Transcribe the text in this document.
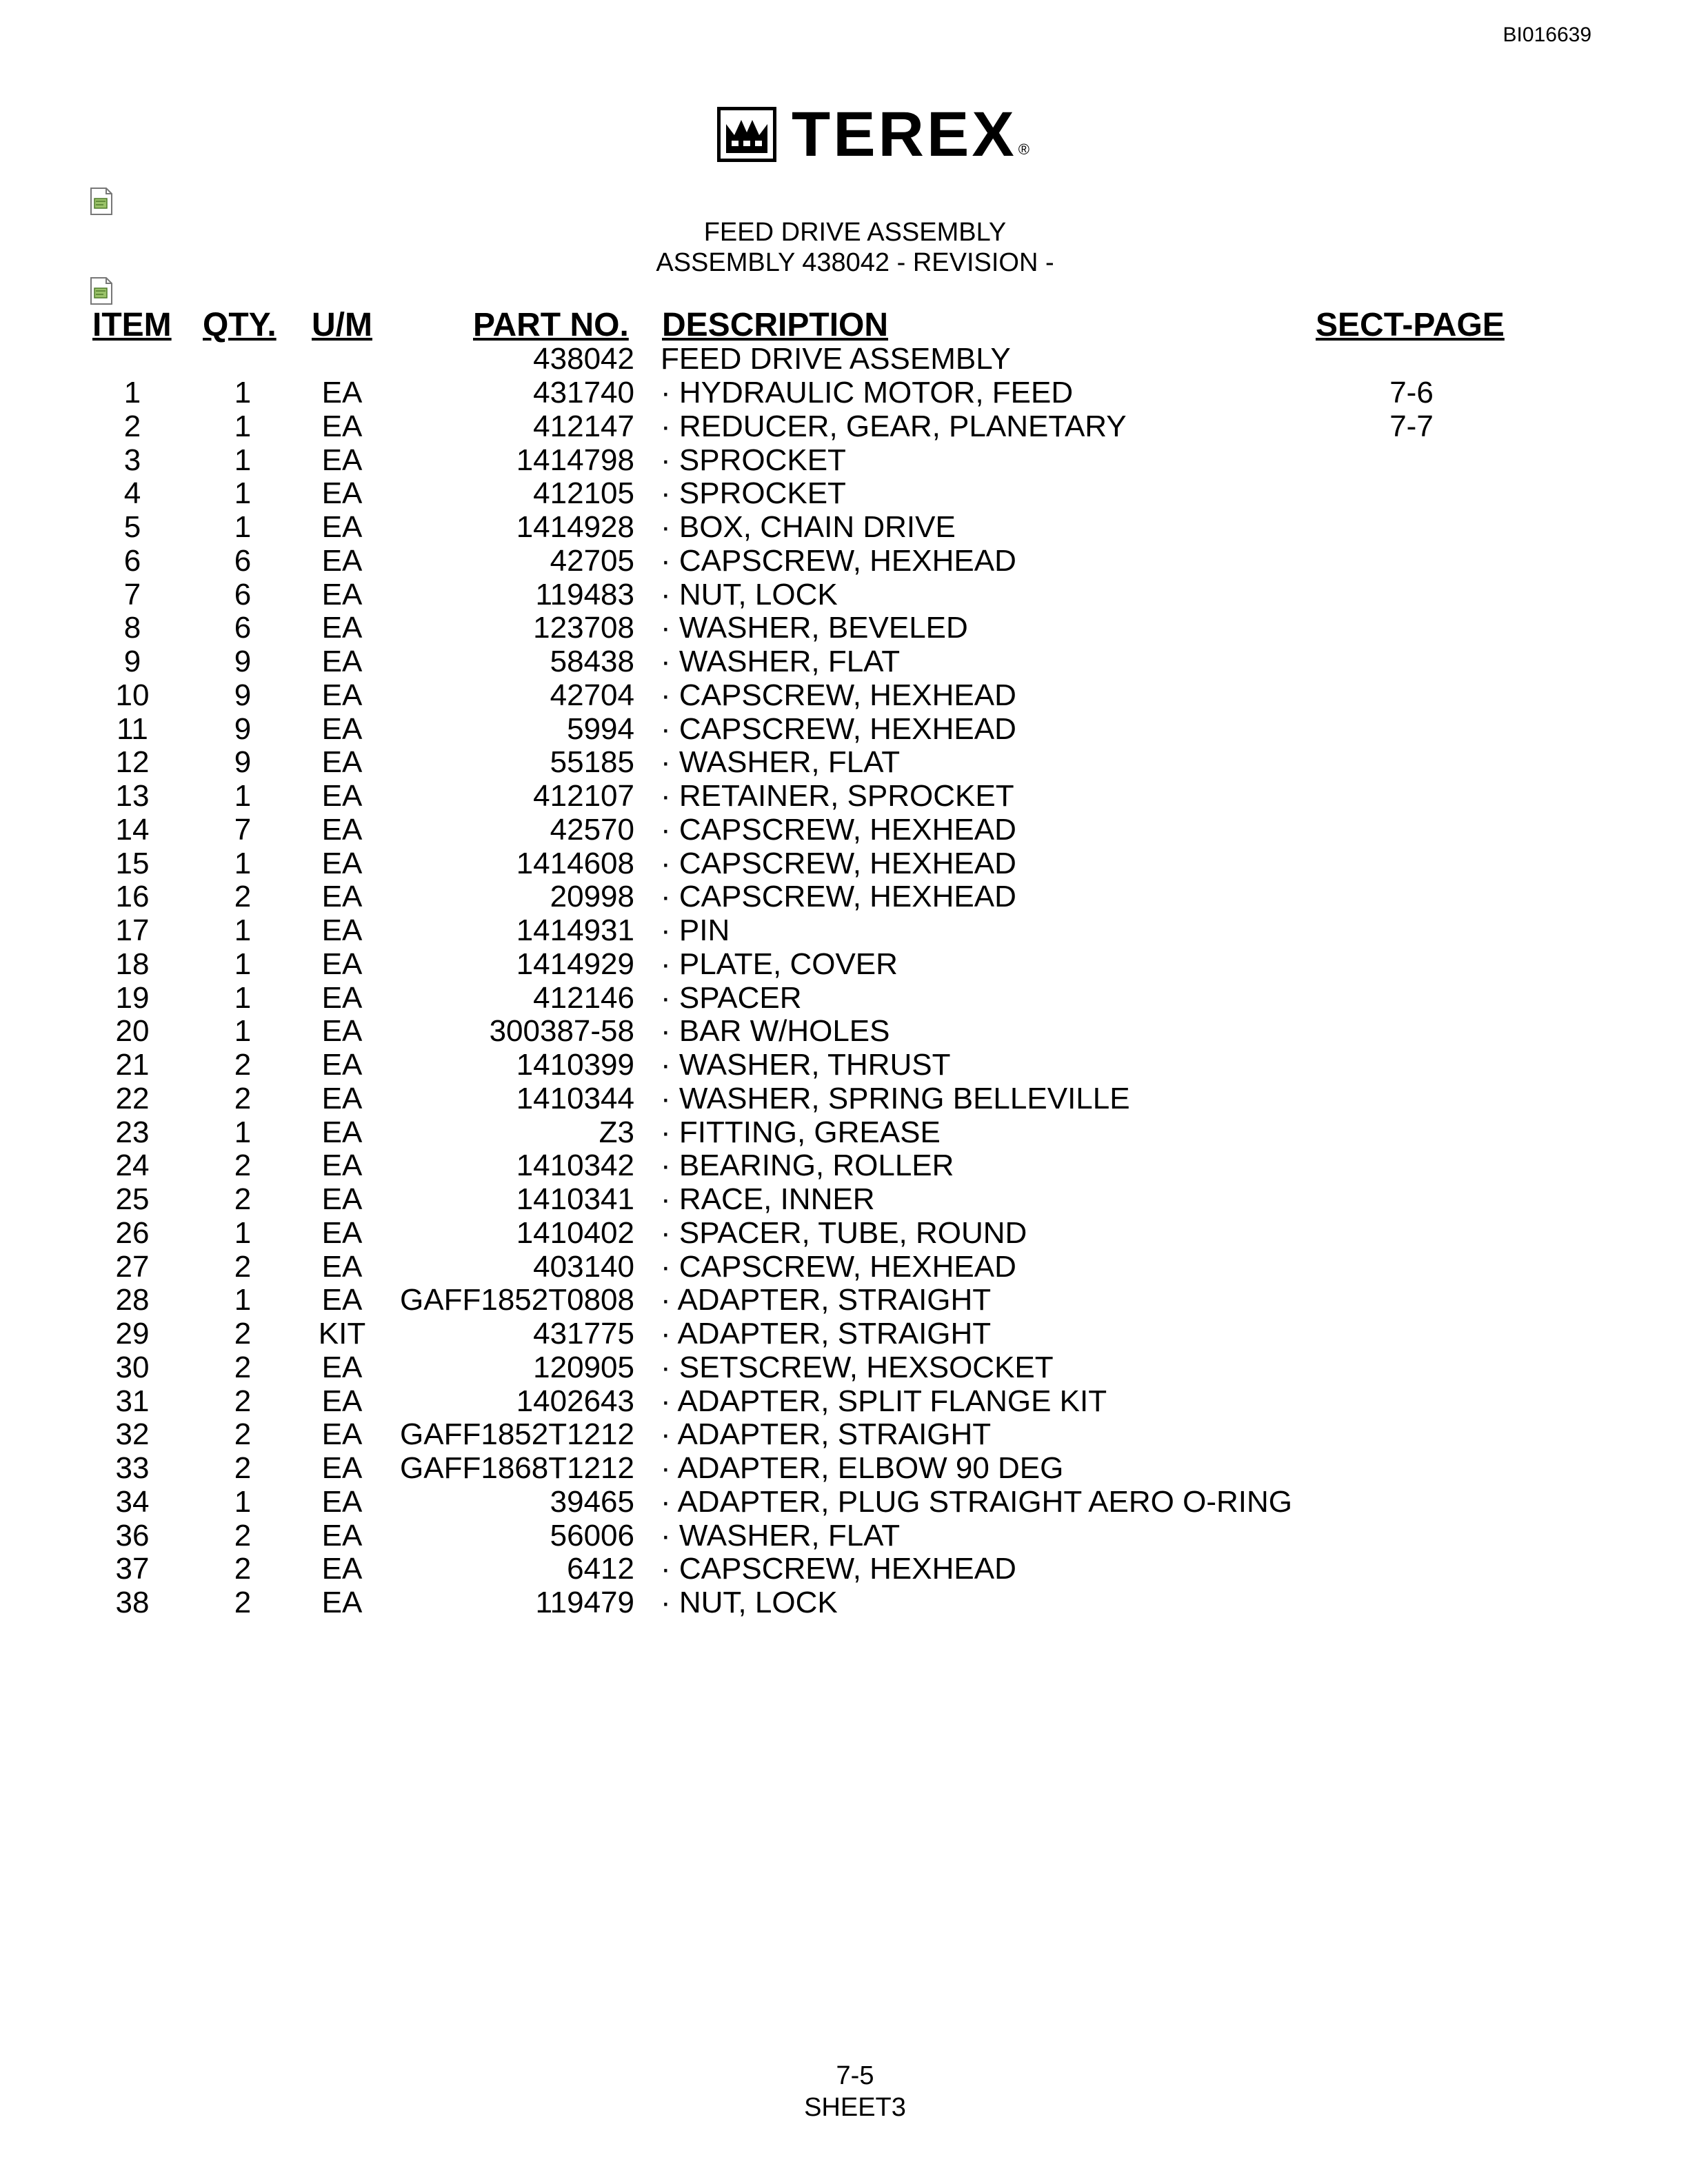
BI016639
TEREX ®
FEED DRIVE ASSEMBLY
ASSEMBLY 438042 - REVISION -
ITEM QTY. U/M	PART NO. DESCRIPTION	SECT-PAGE
438042 FEED DRIVE ASSEMBLY
1	1	EA	431740 · HYDRAULIC MOTOR, FEED	7-6
2	1	EA	412147 · REDUCER, GEAR, PLANETARY	7-7
3	1	EA	1414798 · SPROCKET
4	1	EA	412105 · SPROCKET
5	1	EA	1414928 · BOX, CHAIN DRIVE
6	6	EA	42705 · CAPSCREW, HEXHEAD
7	6	EA	119483 · NUT, LOCK
8	6	EA	123708 · WASHER, BEVELED
9	9	EA	58438 · WASHER, FLAT
10	9	EA	42704 · CAPSCREW, HEXHEAD
11	9	EA	5994 · CAPSCREW, HEXHEAD
12	9	EA	55185 · WASHER, FLAT
13	1	EA	412107 · RETAINER, SPROCKET
14	7	EA	42570 · CAPSCREW, HEXHEAD
15	1	EA	1414608 · CAPSCREW, HEXHEAD
16	2	EA	20998 · CAPSCREW, HEXHEAD
17	1	EA	1414931 · PIN
18	1	EA	1414929 · PLATE, COVER
19	1	EA	412146 · SPACER
20	1	EA	300387-58 · BAR W/HOLES
21	2	EA	1410399 · WASHER, THRUST
22	2	EA	1410344 · WASHER, SPRING BELLEVILLE
23	1	EA	Z3 · FITTING, GREASE
24	2	EA	1410342 · BEARING, ROLLER
25	2	EA	1410341 · RACE, INNER
26	1	EA	1410402 · SPACER, TUBE, ROUND
27	2	EA	403140 · CAPSCREW, HEXHEAD
28	1	EA	GAFF1852T0808 · ADAPTER, STRAIGHT
29	2	KIT	431775 · ADAPTER, STRAIGHT
30	2	EA	120905 · SETSCREW, HEXSOCKET
31	2	EA	1402643 · ADAPTER, SPLIT FLANGE KIT
32	2	EA	GAFF1852T1212 · ADAPTER, STRAIGHT
33	2	EA	GAFF1868T1212 · ADAPTER, ELBOW 90 DEG
34	1	EA	39465 · ADAPTER, PLUG STRAIGHT AERO O-RING
36	2	EA	56006 · WASHER, FLAT
37	2	EA	6412 · CAPSCREW, HEXHEAD
38	2	EA	119479 · NUT, LOCK
7-5
SHEET3
